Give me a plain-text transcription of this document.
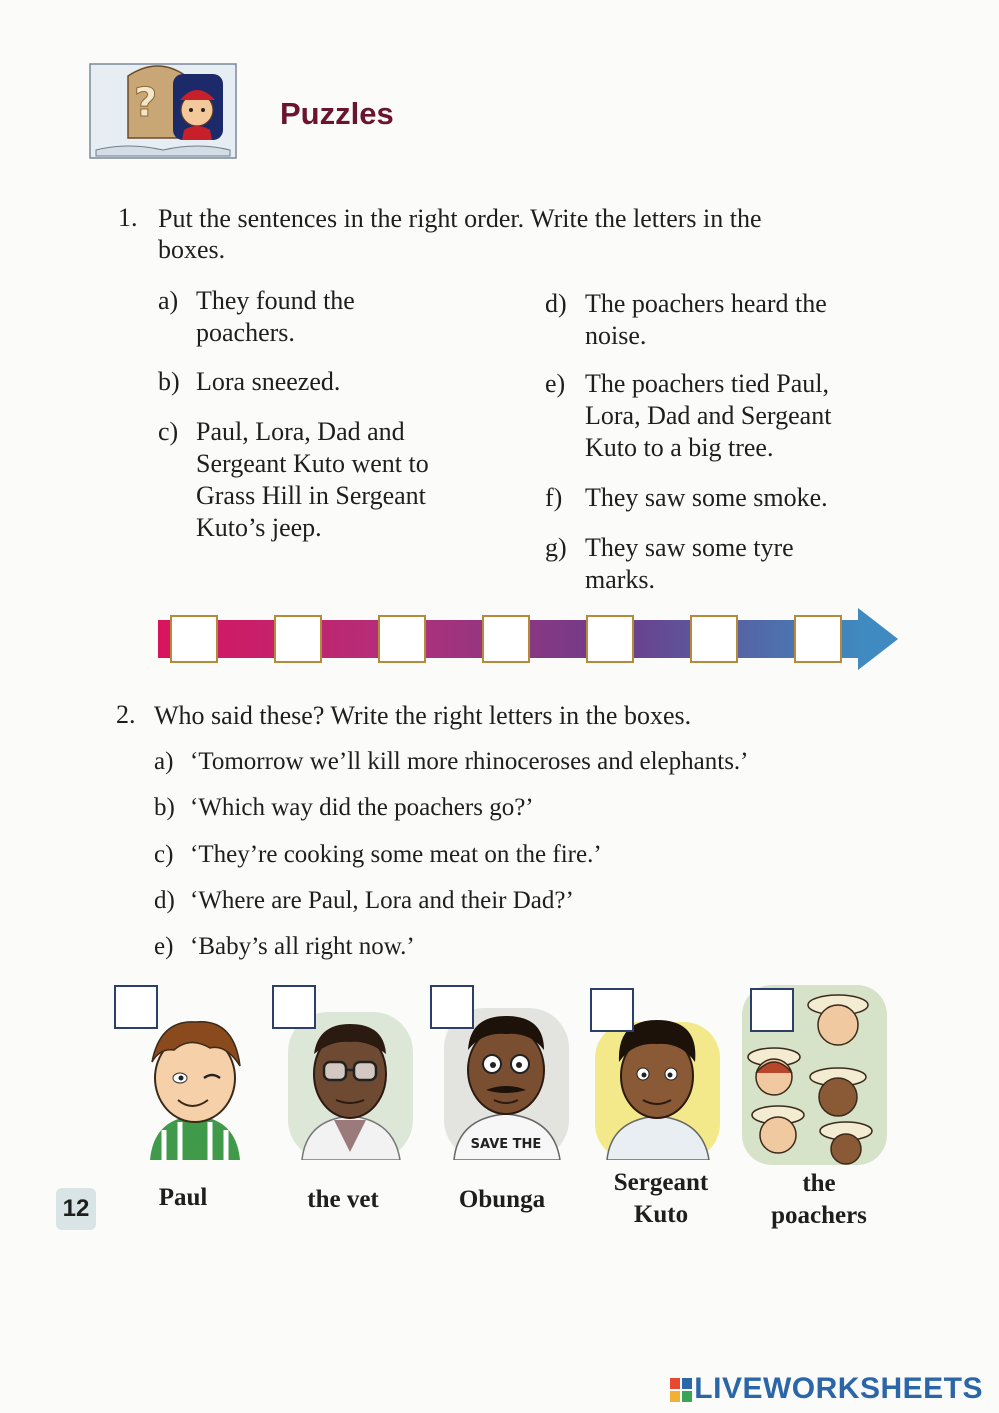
?	Puzzles
1. Put the sentences in the right order. Write the letters in the
boxes.
a) They found the
poachers.
b) Lora sneezed.
c) Paul, Lora, Dad and
Sergeant Kuto went to
Grass Hill in Sergeant
Kuto’s jeep.
d) The poachers heard the
noise.
e) The poachers tied Paul,
Lora, Dad and Sergeant
Kuto to a big tree.
f) They saw some smoke.
g) They saw some tyre
marks.
2. Who said these? Write the right letters in the boxes.
a) ‘Tomorrow we’ll kill more rhinoceroses and elephants.’
b) ‘Which way did the poachers go?’
c) ‘They’re cooking some meat on the fire.’
d) ‘Where are Paul, Lora and their Dad?’
e) ‘Baby’s all right now.’
SAVE THE
Paul	the vet	Obunga
Sergeant
Kuto
the
poachers
12
LIVEWORKSHEETS
